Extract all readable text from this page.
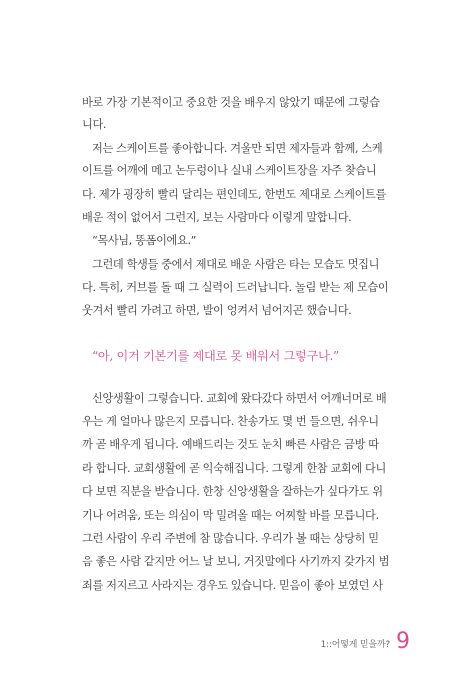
바로 가장 기본적이고 중요한 것을 배우지 않았기 때문에 그렇습
니다.
저는 스케이트를 좋아합니다. 겨울만 되면 제자들과 함께, 스케
이트를 어깨에 메고 논두렁이나 실내 스케이트장을 자주 찾습니
다. 제가 굉장히 빨리 달리는 편인데도, 한번도 제대로 스케이트를
배운 적이 없어서 그런지, 보는 사람마다 이렇게 말합니다.
“목사님, 똥폼이에요.”
그런데 학생들 중에서 제대로 배운 사람은 타는 모습도 멋집니
다. 특히, 커브를 돌 때 그 실력이 드러납니다. 놀림 받는 제 모습이
웃겨서 빨리 가려고 하면, 발이 엉켜서 넘어지곤 했습니다.
“아, 이거 기본기를 제대로 못 배워서 그렇구나.”
신앙생활이 그렇습니다. 교회에 왔다갔다 하면서 어깨너머로 배
우는 게 얼마나 많은지 모릅니다. 찬송가도 몇 번 들으면, 쉬우니
까 곧 배우게 됩니다. 예배드리는 것도 눈치 빠른 사람은 금방 따
라 합니다. 교회생활에 곧 익숙해집니다. 그렇게 한참 교회에 다니
다 보면 직분을 받습니다. 한창 신앙생활을 잘하는가 싶다가도 위
기나 어려움, 또는 의심이 막 밀려올 때는 어찌할 바를 모릅니다.
그런 사람이 우리 주변에 참 많습니다. 우리가 볼 때는 상당히 믿
음 좋은 사람 같지만 어느 날 보니, 거짓말에다 사기까지 갖가지 범
죄를 저지르고 사라지는 경우도 있습니다. 믿음이 좋아 보였던 사
1::어떻게 믿을까? 9
